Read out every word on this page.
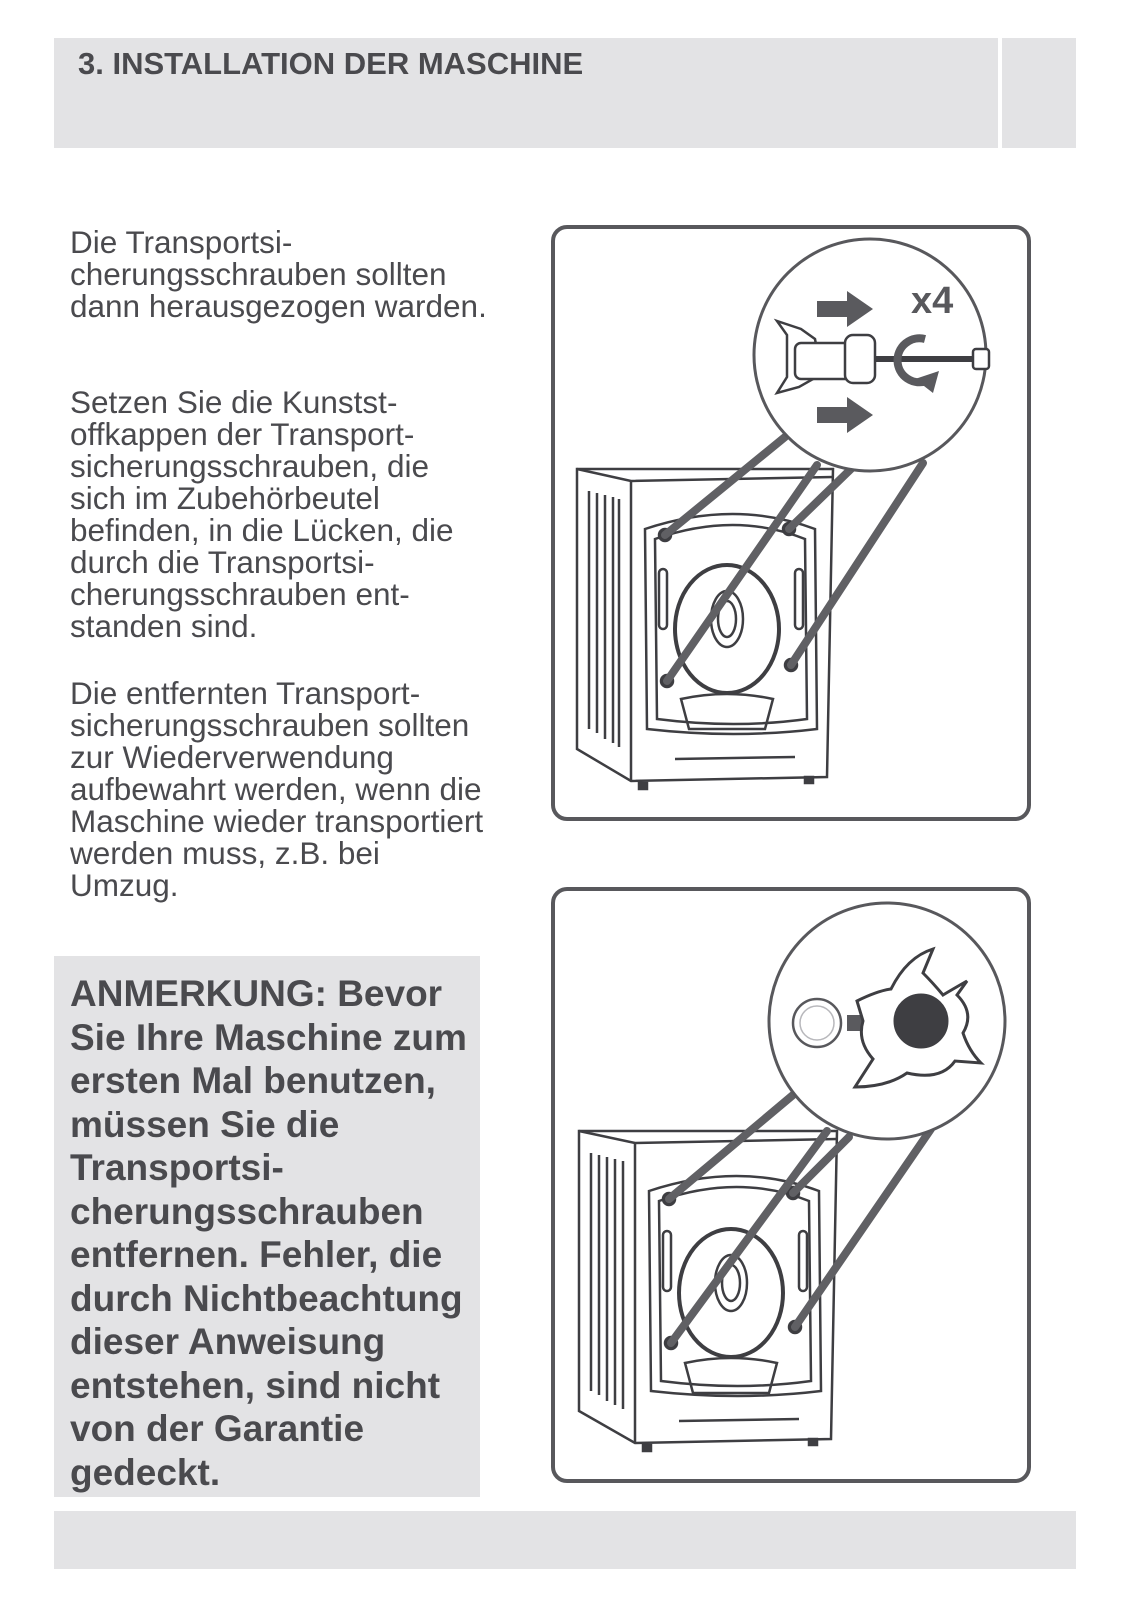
3. INSTALLATION DER MASCHINE

Die Transportsicherungsschrauben sollten dann herausgezogen warden.

Setzen Sie die Kunststoffkappen der Transportsicherungsschrauben, die sich im Zubehörbeutel befinden, in die Lücken, die durch die Transportsicherungsschrauben entstanden sind.

Die entfernten Transportsicherungsschrauben sollten zur Wiederverwendung aufbewahrt werden, wenn die Maschine wieder transportiert werden muss, z.B. bei Umzug.

ANMERKUNG: Bevor Sie Ihre Maschine zum ersten Mal benutzen, müssen Sie die Transportsicherungsschrauben entfernen. Fehler, die durch Nichtbeachtung dieser Anweisung entstehen, sind nicht von der Garantie gedeckt.

x4
